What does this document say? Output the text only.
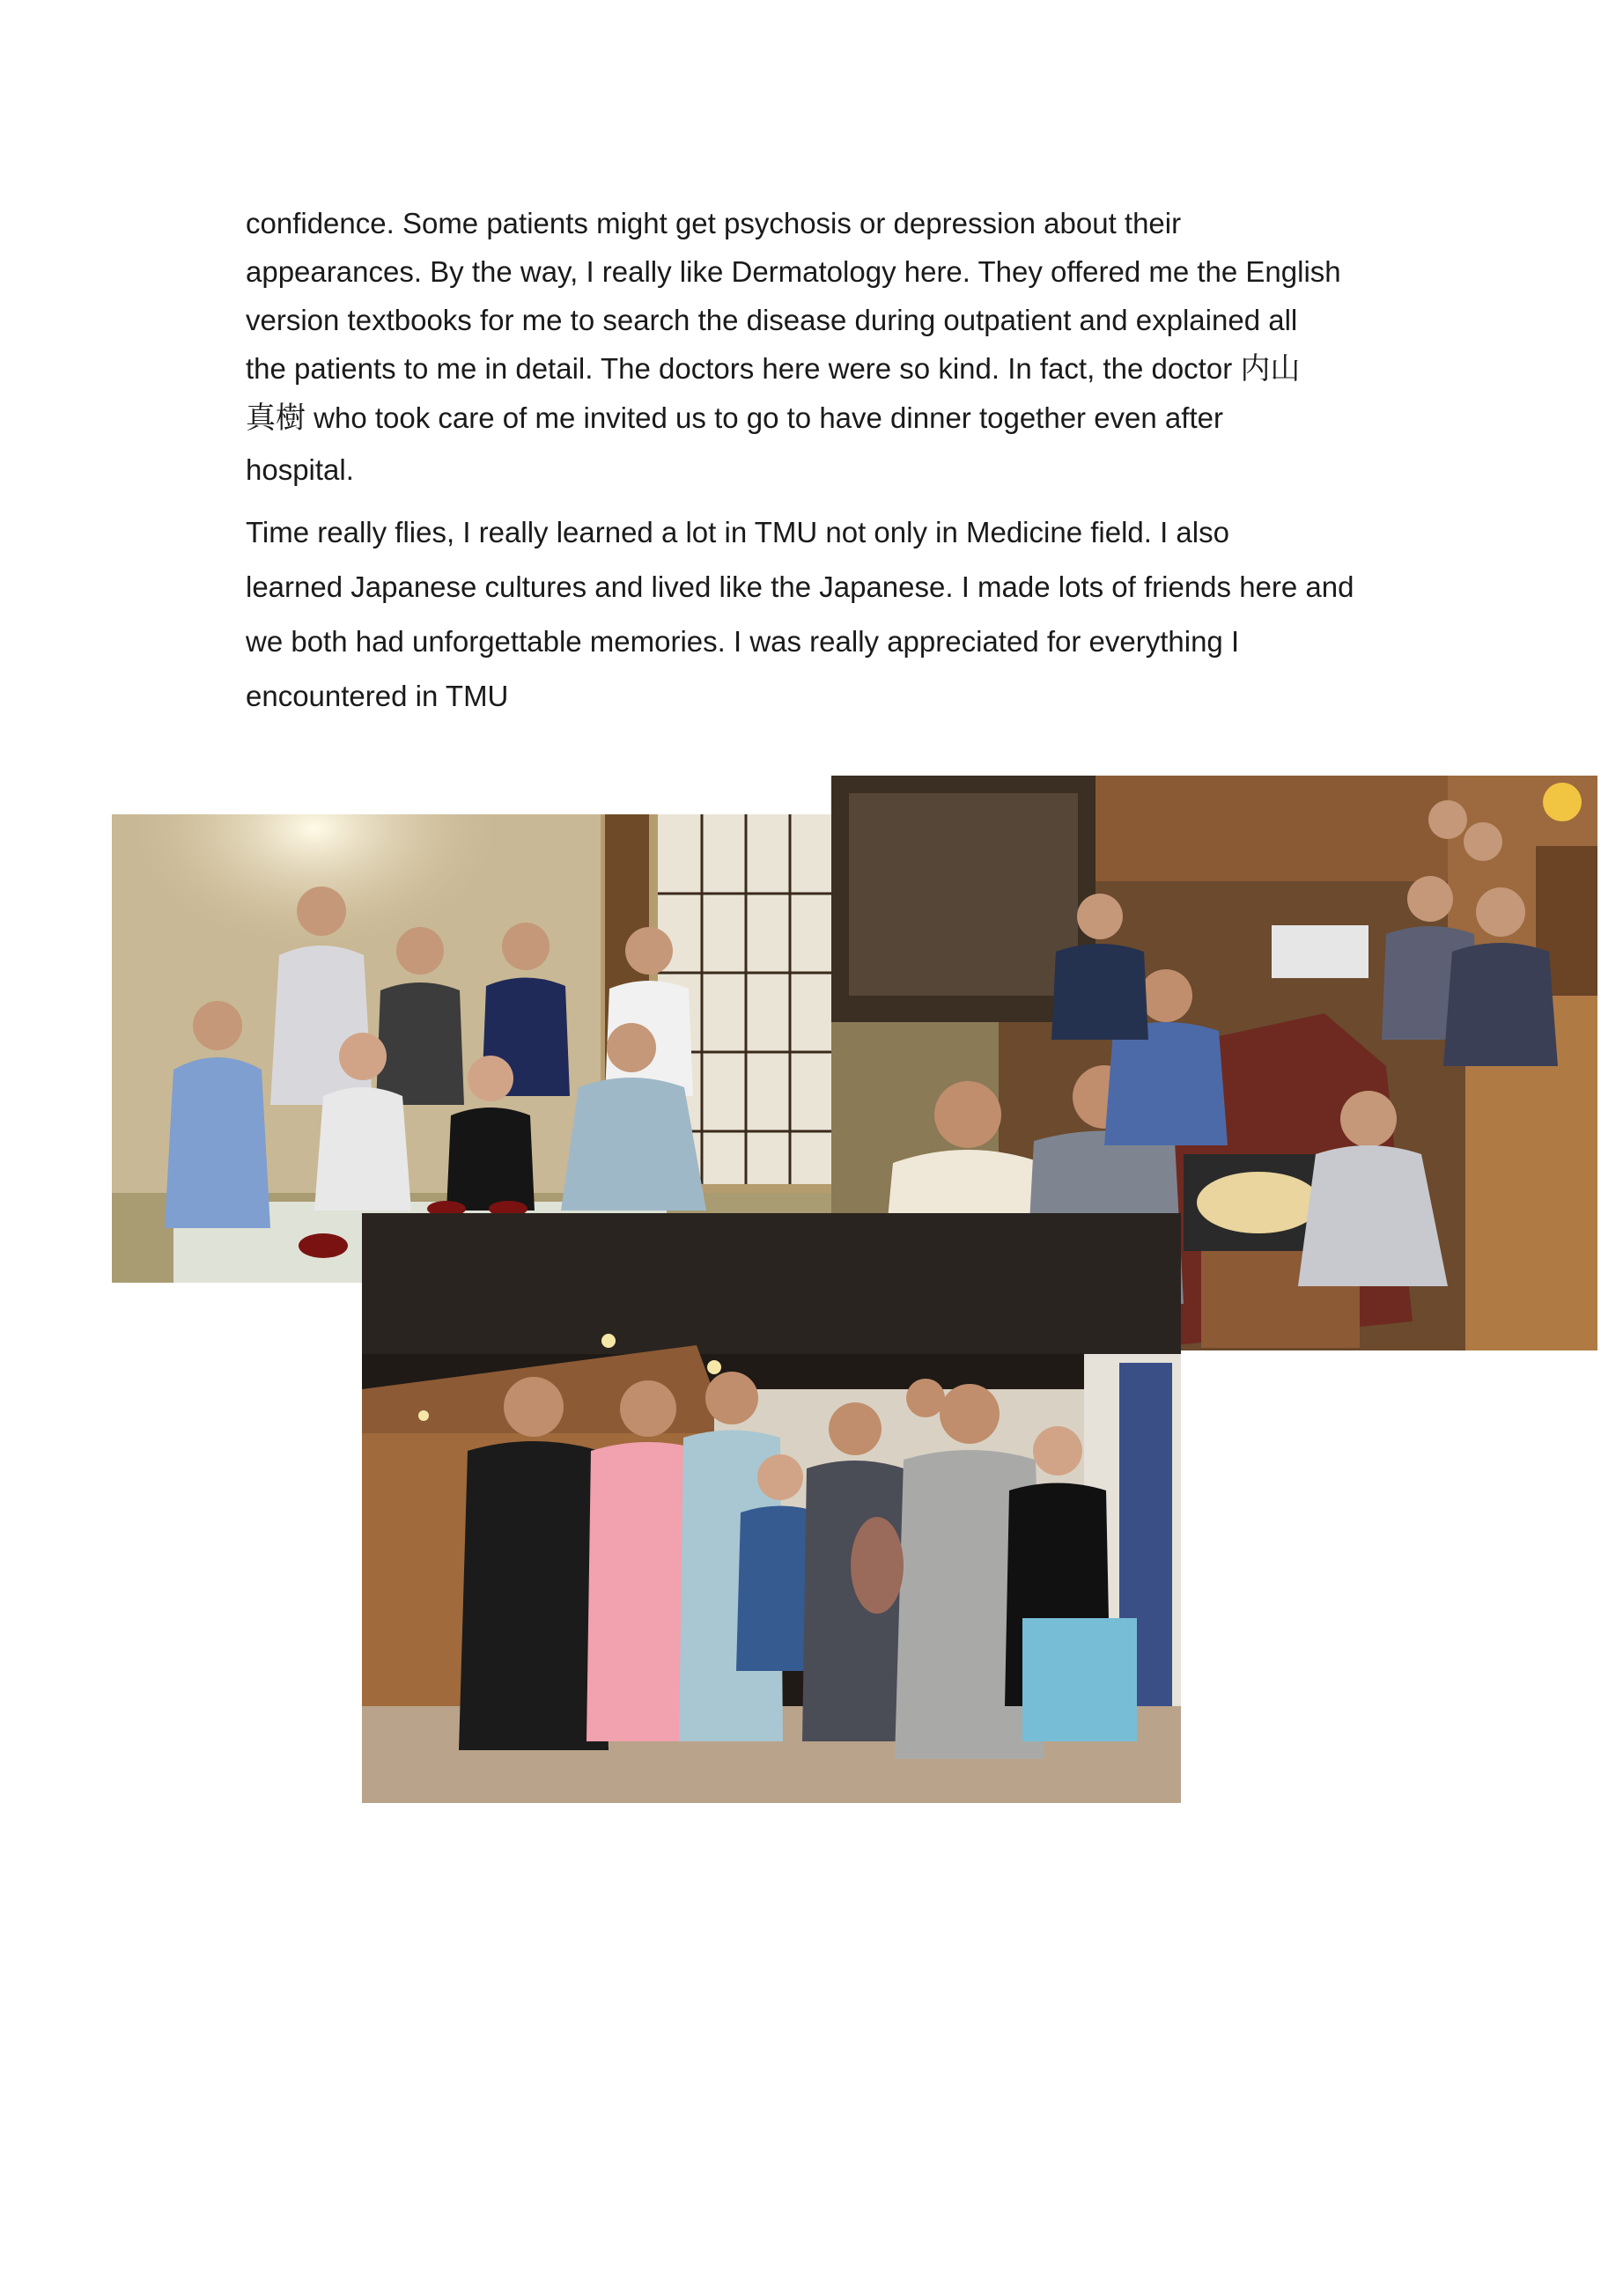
confidence. Some patients might get psychosis or depression about their
appearances. By the way, I really like Dermatology here. They offered me the English
version textbooks for me to search the disease during outpatient and explained all
the patients to me in detail. The doctors here were so kind. In fact, the doctor 内山
真樹 who took care of me invited us to go to have dinner together even after
hospital.

Time really flies, I really learned a lot in TMU not only in Medicine field. I also
learned Japanese cultures and lived like the Japanese. I made lots of friends here and
we both had unforgettable memories. I was really appreciated for everything I
encountered in TMU
